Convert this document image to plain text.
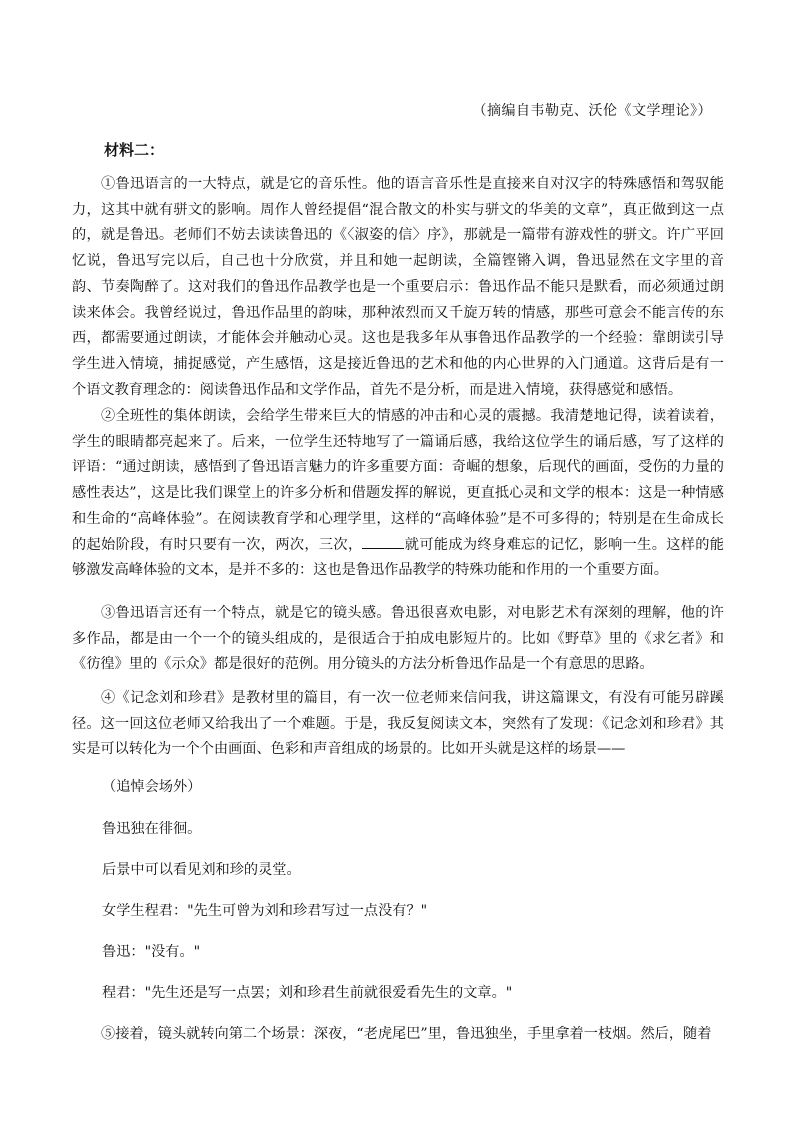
（摘编自韦勒克、沃伦《文学理论》）
材料二：

①鲁迅语言的一大特点，就是它的音乐性。他的语言音乐性是直接来自对汉字的特殊感悟和驾驭能力，这其中就有骈文的影响。周作人曾经提倡“混合散文的朴实与骈文的华美的文章”，真正做到这一点的，就是鲁迅。老师们不妨去读读鲁迅的《〈淑姿的信〉序》，那就是一篇带有游戏性的骈文。许广平回忆说，鲁迅写完以后，自己也十分欣赏，并且和她一起朗读，全篇铿锵入调，鲁迅显然在文字里的音韵、节奏陶醉了。这对我们的鲁迅作品教学也是一个重要启示：鲁迅作品不能只是默看，而必须通过朗读来体会。我曾经说过，鲁迅作品里的韵味，那种浓烈而又千旋万转的情感，那些可意会不能言传的东西，都需要通过朗读，才能体会并触动心灵。这也是我多年从事鲁迅作品教学的一个经验：靠朗读引导学生进入情境，捕捉感觉，产生感悟，这是接近鲁迅的艺术和他的内心世界的入门通道。这背后是有一个语文教育理念的：阅读鲁迅作品和文学作品，首先不是分析，而是进入情境，获得感觉和感悟。

②全班性的集体朗读，会给学生带来巨大的情感的冲击和心灵的震撼。我清楚地记得，读着读着，学生的眼睛都亮起来了。后来，一位学生还特地写了一篇诵后感，我给这位学生的诵后感，写了这样的评语：“通过朗读，感悟到了鲁迅语言魅力的许多重要方面：奇崛的想象，后现代的画面，受伤的力量的感性表达”，这是比我们课堂上的许多分析和借题发挥的解说，更直抵心灵和文学的根本：这是一种情感和生命的“高峰体验”。在阅读教育学和心理学里，这样的“高峰体验”是不可多得的；特别是在生命成长的起始阶段，有时只要有一次，两次，三次，	就可能成为终身难忘的记忆，影响一生。这样的能够激发高峰体验的文本，是并不多的：这也是鲁迅作品教学的特殊功能和作用的一个重要方面。

③鲁迅语言还有一个特点，就是它的镜头感。鲁迅很喜欢电影，对电影艺术有深刻的理解，他的许多作品，都是由一个一个的镜头组成的，是很适合于拍成电影短片的。比如《野草》里的《求乞者》和《彷徨》里的《示众》都是很好的范例。用分镜头的方法分析鲁迅作品是一个有意思的思路。

④《记念刘和珍君》是教材里的篇目，有一次一位老师来信问我，讲这篇课文，有没有可能另辟蹊径。这一回这位老师又给我出了一个难题。于是，我反复阅读文本，突然有了发现：《记念刘和珍君》其实是可以转化为一个个由画面、色彩和声音组成的场景的。比如开头就是这样的场景——

（追悼会场外）
鲁迅独在徘徊。
后景中可以看见刘和珍的灵堂。
女学生程君："先生可曾为刘和珍君写过一点没有？"
鲁迅："没有。"
程君："先生还是写一点罢；刘和珍君生前就很爱看先生的文章。"

⑤接着，镜头就转向第二个场景：深夜，“老虎尾巴”里，鲁迅独坐，手里拿着一枝烟。然后，随着
